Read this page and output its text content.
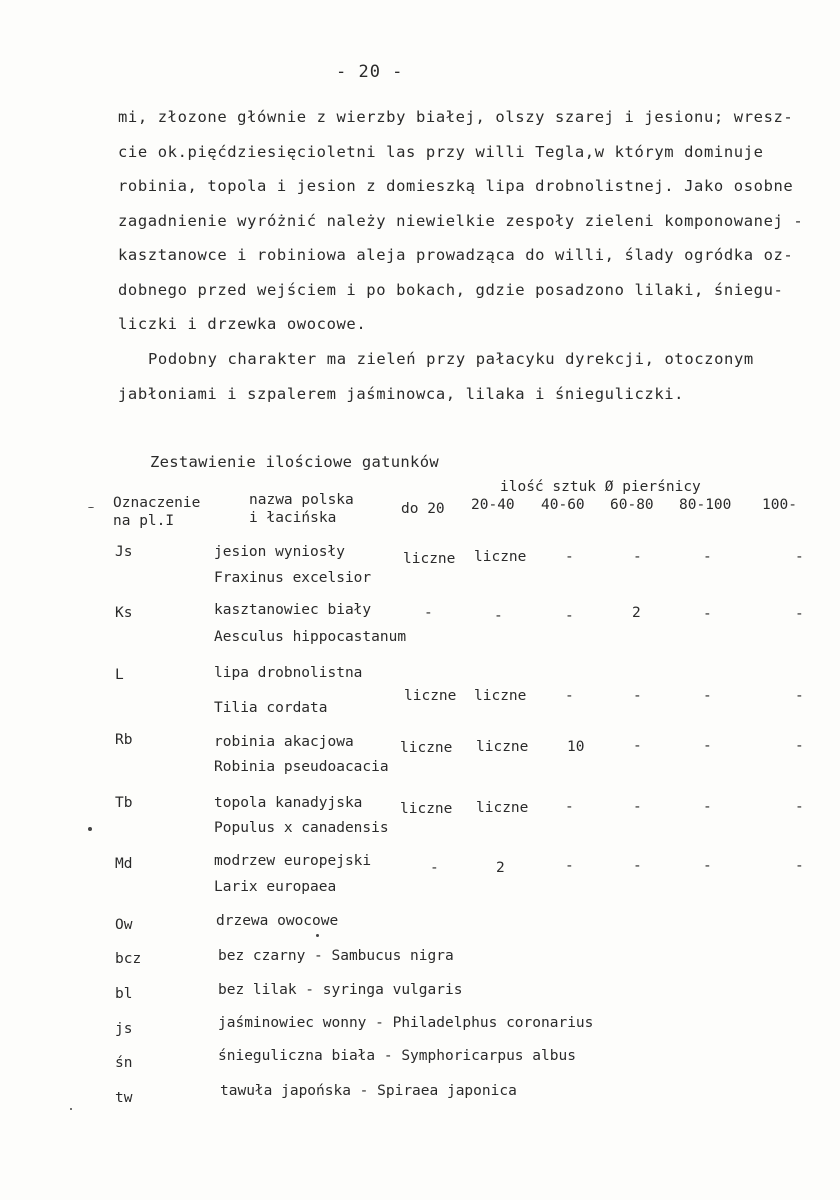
- 20 -
mi, złozone głównie z wierzby białej, olszy szarej i jesionu; wresz-
cie ok.pięćdziesięcioletni las przy willi Tegla,w którym dominuje
robinia, topola i jesion z domieszką lipa drobnolistnej. Jako osobne
zagadnienie wyróżnić należy niewielkie zespoły zieleni komponowanej -
kasztanowce i robiniowa aleja prowadząca do willi, ślady ogródka oz-
dobnego przed wejściem i po bokach, gdzie posadzono lilaki, śniegu-
liczki i drzewka owocowe.
Podobny charakter ma zieleń przy pałacyku dyrekcji, otoczonym
jabłoniami i szpalerem jaśminowca, lilaka i śnieguliczki.
Zestawienie ilościowe gatunków
Oznaczenie
na pl.I
nazwa polska
i łacińska
ilość sztuk Ø pierśnicy
do 20 20-40 40-60 60-80 80-100 100-
Js	jesion wyniosły
Fraxinus excelsior
liczne liczne	-	-	-	-
Ks	kasztanowiec biały
Aesculus hippocastanum
-	-	-	2	-	-
L	lipa drobnolistna
Tilia cordata
liczne liczne	-	-	-	-
Rb	robinia akacjowa
Robinia pseudoacacia
liczne liczne	10	-	-	-
Tb	topola kanadyjska
Populus x canadensis
liczne liczne	-	-	-	-
Md	modrzew europejski
Larix europaea
-	2	-	-	-	-
Ow	drzewa owocowe
bcz	bez czarny - Sambucus nigra
bl	bez lilak - syringa vulgaris
js	jaśminowiec wonny - Philadelphus coronarius
śn	śnieguliczna biała - Symphoricarpus albus
tw	tawuła japońska - Spiraea japonica
